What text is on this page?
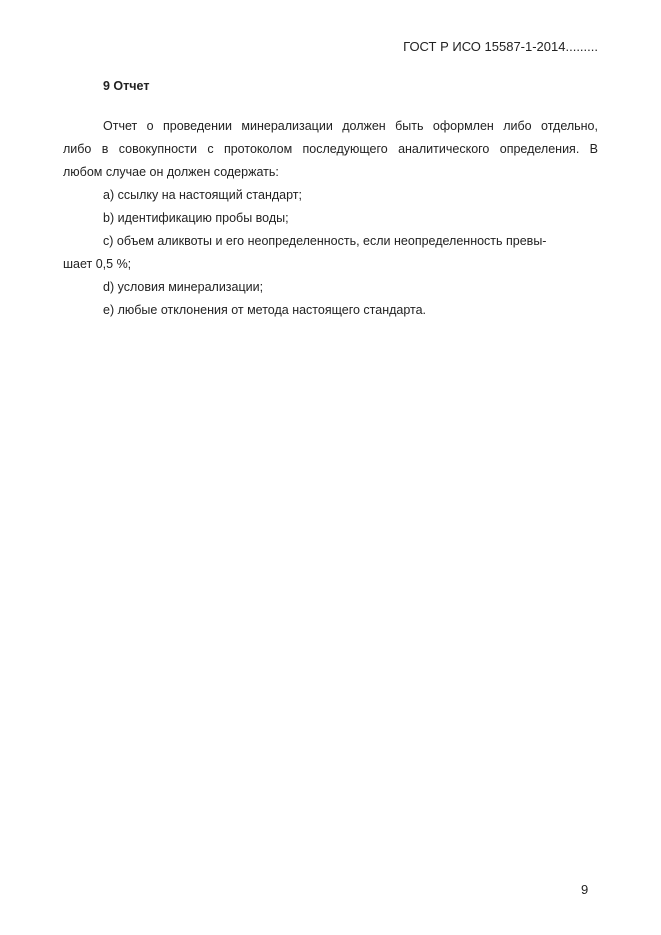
ГОСТ Р ИСО 15587-1-2014.........
9 Отчет
Отчет о проведении минерализации должен быть оформлен либо отдельно,
либо в совокупности с протоколом последующего аналитического определения. В
любом случае он должен содержать:
a) ссылку на настоящий стандарт;
b) идентификацию пробы воды;
c) объем аликвоты и его неопределенность, если неопределенность превы-
шает 0,5 %;
d) условия минерализации;
e) любые отклонения от метода настоящего стандарта.
9
